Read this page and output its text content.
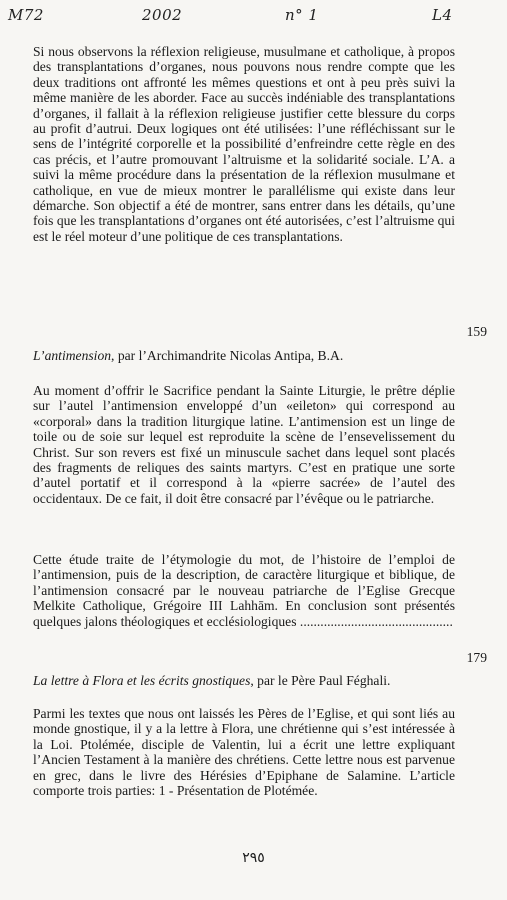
M72	2002	n° 1	L4

Si nous observons la réflexion religieuse, musulmane et catholique, à propos des transplantations d’organes, nous pouvons nous rendre compte que les deux traditions ont affronté les mêmes questions et ont à peu près suivi la même manière de les aborder. Face au succès indéniable des transplantations d’organes, il fallait à la réflexion religieuse justifier cette blessure du corps au profit d’autrui. Deux logiques ont été utilisées: l’une réfléchissant sur le sens de l’intégrité corporelle et la possibilité d’enfreindre cette règle en des cas précis, et l’autre promouvant l’altruisme et la solidarité sociale. L’A. a suivi la même procédure dans la présentation de la réflexion musulmane et catholique, en vue de mieux montrer le parallélisme qui existe dans leur démarche. Son objectif a été de montrer, sans entrer dans les détails, qu’une fois que les transplantations d’organes ont été autorisées, c’est l’altruisme qui est le réel moteur d’une politique de ces transplantations.

159

L’antimension, par l’Archimandrite Nicolas Antipa, B.A.

Au moment d’offrir le Sacrifice pendant la Sainte Liturgie, le prêtre déplie sur l’autel l’antimension enveloppé d’un «eileton» qui correspond au «corporal» dans la tradition liturgique latine. L’antimension est un linge de toile ou de soie sur lequel est reproduite la scène de l’ensevelissement du Christ. Sur son revers est fixé un minuscule sachet dans lequel sont placés des fragments de reliques des saints martyrs. C’est en pratique une sorte d’autel portatif et il correspond à la «pierre sacrée» de l’autel des occidentaux. De ce fait, il doit être consacré par l’évêque ou le patriarche.

Cette étude traite de l’étymologie du mot, de l’histoire de l’emploi de l’antimension, puis de la description, de caractère liturgique et biblique, de l’antimension consacré par le nouveau patriarche de l’Eglise Grecque Melkite Catholique, Grégoire III Lahhām. En conclusion sont présentés quelques jalons théologiques et ecclésiologiques .............................................

179

La lettre à Flora et les écrits gnostiques, par le Père Paul Féghali.

Parmi les textes que nous ont laissés les Pères de l’Eglise, et qui sont liés au monde gnostique, il y a la lettre à Flora, une chrétienne qui s’est intéressée à la Loi. Ptolémée, disciple de Valentin, lui a écrit une lettre expliquant l’Ancien Testament à la manière des chrétiens. Cette lettre nous est parvenue en grec, dans le livre des Hérésies d’Epiphane de Salamine. L’article comporte trois parties: 1 - Présentation de Plotémée.

٢٩٥
